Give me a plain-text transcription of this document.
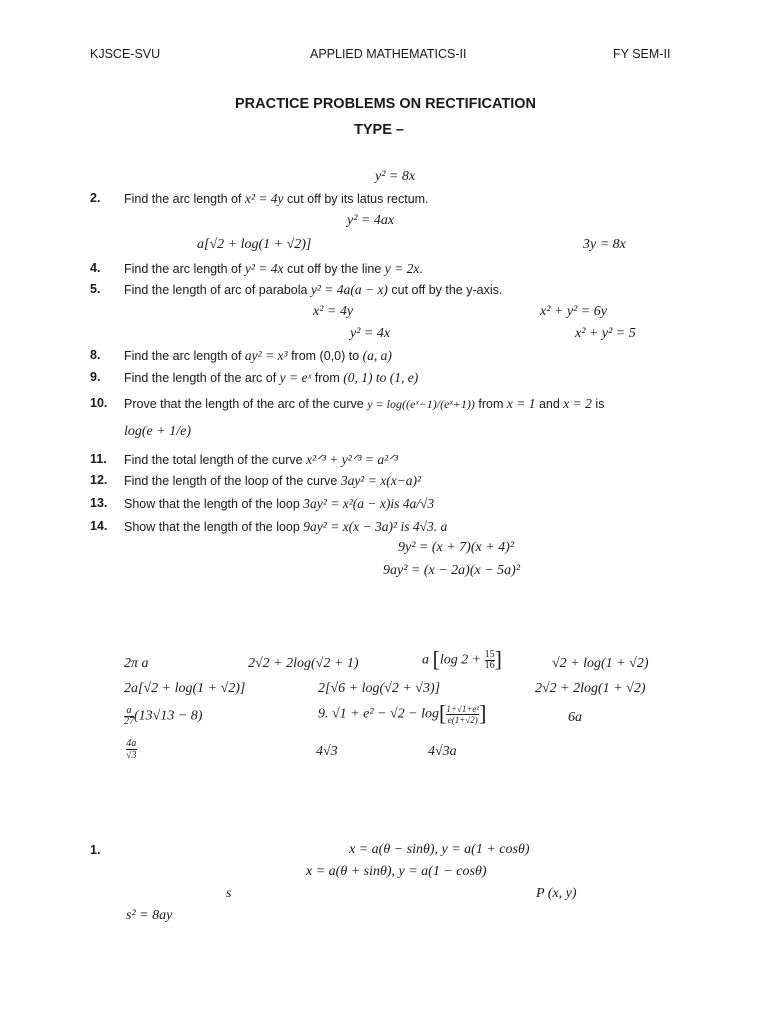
KJSCE-SVU	APPLIED MATHEMATICS-II	FY SEM-II
PRACTICE PROBLEMS ON RECTIFICATION
TYPE –
y² = 8x
2. Find the arc length of x² = 4y cut off by its latus rectum.
y² = 4ax
a[√2 + log(1 + √2)]	3y = 8x
4. Find the arc length of y² = 4x cut off by the line y = 2x.
5. Find the length of arc of parabola y² = 4a(a − x) cut off by the y-axis.
x² = 4y	x² + y² = 6y
y² = 4x	x² + y² = 5
8. Find the arc length of ay² = x³ from (0,0) to (a, a)
9. Find the length of the arc of y = eˣ from (0, 1) to (1, e)
10. Prove that the length of the arc of the curve y = log((eˣ−1)/(eˣ+1)) from x = 1 and x = 2 is
log(e + 1/e)
11. Find the total length of the curve x²ᐟ³ + y²ᐟ³ = a²ᐟ³
12. Find the length of the loop of the curve 3ay² = x(x−a)²
13. Show that the length of the loop 3ay² = x²(a − x)is 4a/√3
14. Show that the length of the loop 9ay² = x(x − 3a)² is 4√3. a
9y² = (x + 7)(x + 4)²
9ay² = (x − 2a)(x − 5a)²
2π a	2√2 + 2log(√2 + 1)	a [log $2 + \frac{15}{16}$ ]	√2 + log(1 + √2)
2a[√2 + log(1 + √2)]	2[√6 + log(√2 + √3)]	2√2 + 2log(1 + √2)
$\frac{a}{27} (13√13 - 8)$	9. $√1 + e^2 - √2 - \log[ \frac{\text{1+√1+e²}}{e(1+√2)}$ ]	6a
$\frac{4a}{√3}$	4√3	4√3a
1.	x = a(θ − sinθ), y = a(1 + cosθ)
x = a(θ + sinθ), y = a(1 − cosθ)
s	P (x, y)
s² = 8ay
